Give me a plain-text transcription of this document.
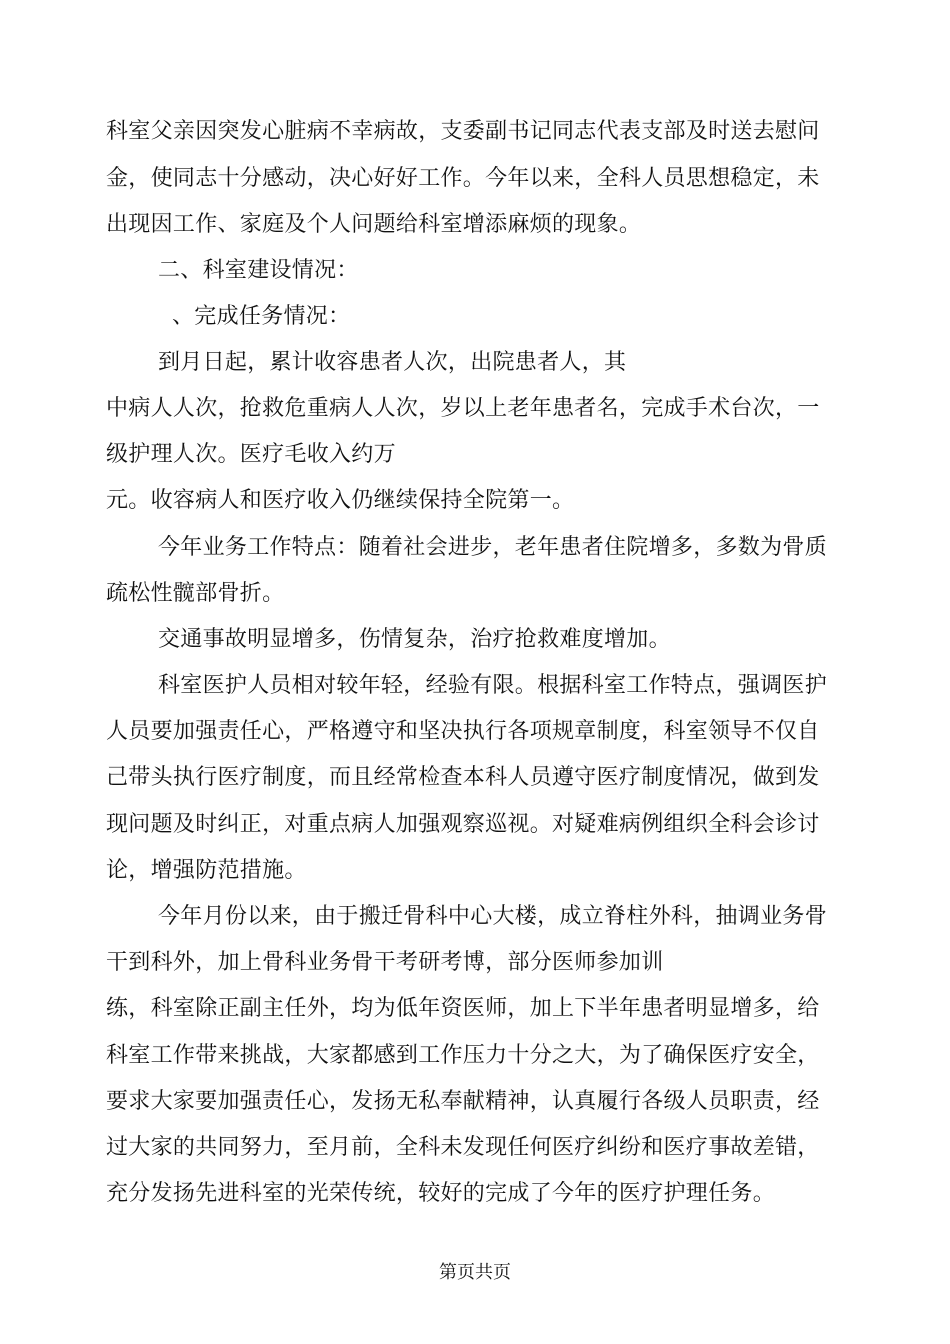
科室父亲因突发心脏病不幸病故，支委副书记同志代表支部及时送去慰问
金，使同志十分感动，决心好好工作。今年以来，全科人员思想稳定，未
出现因工作、家庭及个人问题给科室增添麻烦的现象。
二、科室建设情况：
、完成任务情况：
到月日起，累计收容患者人次，出院患者人，其
中病人人次，抢救危重病人人次，岁以上老年患者名，完成手术台次，一
级护理人次。医疗毛收入约万
元。收容病人和医疗收入仍继续保持全院第一。
今年业务工作特点：随着社会进步，老年患者住院增多，多数为骨质
疏松性髋部骨折。
交通事故明显增多，伤情复杂，治疗抢救难度增加。
科室医护人员相对较年轻，经验有限。根据科室工作特点，强调医护
人员要加强责任心，严格遵守和坚决执行各项规章制度，科室领导不仅自
己带头执行医疗制度，而且经常检查本科人员遵守医疗制度情况，做到发
现问题及时纠正，对重点病人加强观察巡视。对疑难病例组织全科会诊讨
论，增强防范措施。
今年月份以来，由于搬迁骨科中心大楼，成立脊柱外科，抽调业务骨
干到科外，加上骨科业务骨干考研考博，部分医师参加训
练，科室除正副主任外，均为低年资医师，加上下半年患者明显增多，给
科室工作带来挑战，大家都感到工作压力十分之大，为了确保医疗安全，
要求大家要加强责任心，发扬无私奉献精神，认真履行各级人员职责，经
过大家的共同努力，至月前，全科未发现任何医疗纠纷和医疗事故差错，
充分发扬先进科室的光荣传统，较好的完成了今年的医疗护理任务。
第页共页
